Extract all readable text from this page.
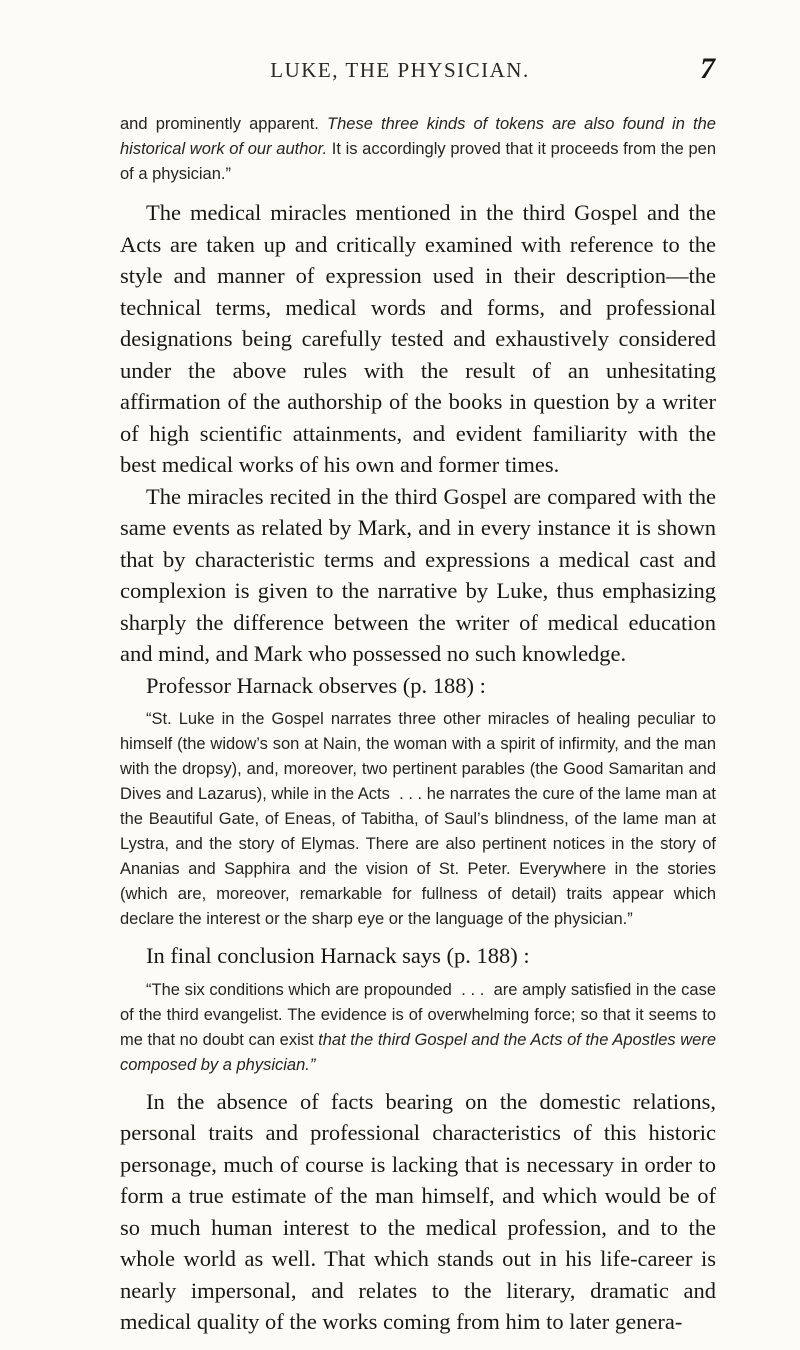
LUKE, THE PHYSICIAN.	7

and prominently apparent. These three kinds of tokens are also found in the historical work of our author. It is accordingly proved that it proceeds from the pen of a physician.”

The medical miracles mentioned in the third Gospel and the Acts are taken up and critically examined with reference to the style and manner of expression used in their description—the technical terms, medical words and forms, and professional designations being carefully tested and exhaustively considered under the above rules with the result of an unhesitating affirmation of the authorship of the books in question by a writer of high scientific attainments, and evident familiarity with the best medical works of his own and former times.

The miracles recited in the third Gospel are compared with the same events as related by Mark, and in every instance it is shown that by characteristic terms and expressions a medical cast and complexion is given to the narrative by Luke, thus emphasizing sharply the difference between the writer of medical education and mind, and Mark who possessed no such knowledge.

Professor Harnack observes (p. 188) :

“St. Luke in the Gospel narrates three other miracles of healing peculiar to himself (the widow’s son at Nain, the woman with a spirit of infirmity, and the man with the dropsy), and, moreover, two pertinent parables (the Good Samaritan and Dives and Lazarus), while in the Acts  . . . he narrates the cure of the lame man at the Beautiful Gate, of Eneas, of Tabitha, of Saul’s blindness, of the lame man at Lystra, and the story of Elymas. There are also pertinent notices in the story of Ananias and Sapphira and the vision of St. Peter. Everywhere in the stories (which are, moreover, remarkable for fullness of detail) traits appear which declare the interest or the sharp eye or the language of the physician.”

In final conclusion Harnack says (p. 188) :

“The six conditions which are propounded  . . .  are amply satisfied in the case of the third evangelist. The evidence is of overwhelming force; so that it seems to me that no doubt can exist that the third Gospel and the Acts of the Apostles were composed by a physician.”

In the absence of facts bearing on the domestic relations, personal traits and professional characteristics of this historic personage, much of course is lacking that is necessary in order to form a true estimate of the man himself, and which would be of so much human interest to the medical profession, and to the whole world as well. That which stands out in his life-career is nearly impersonal, and relates to the literary, dramatic and medical quality of the works coming from him to later genera-
